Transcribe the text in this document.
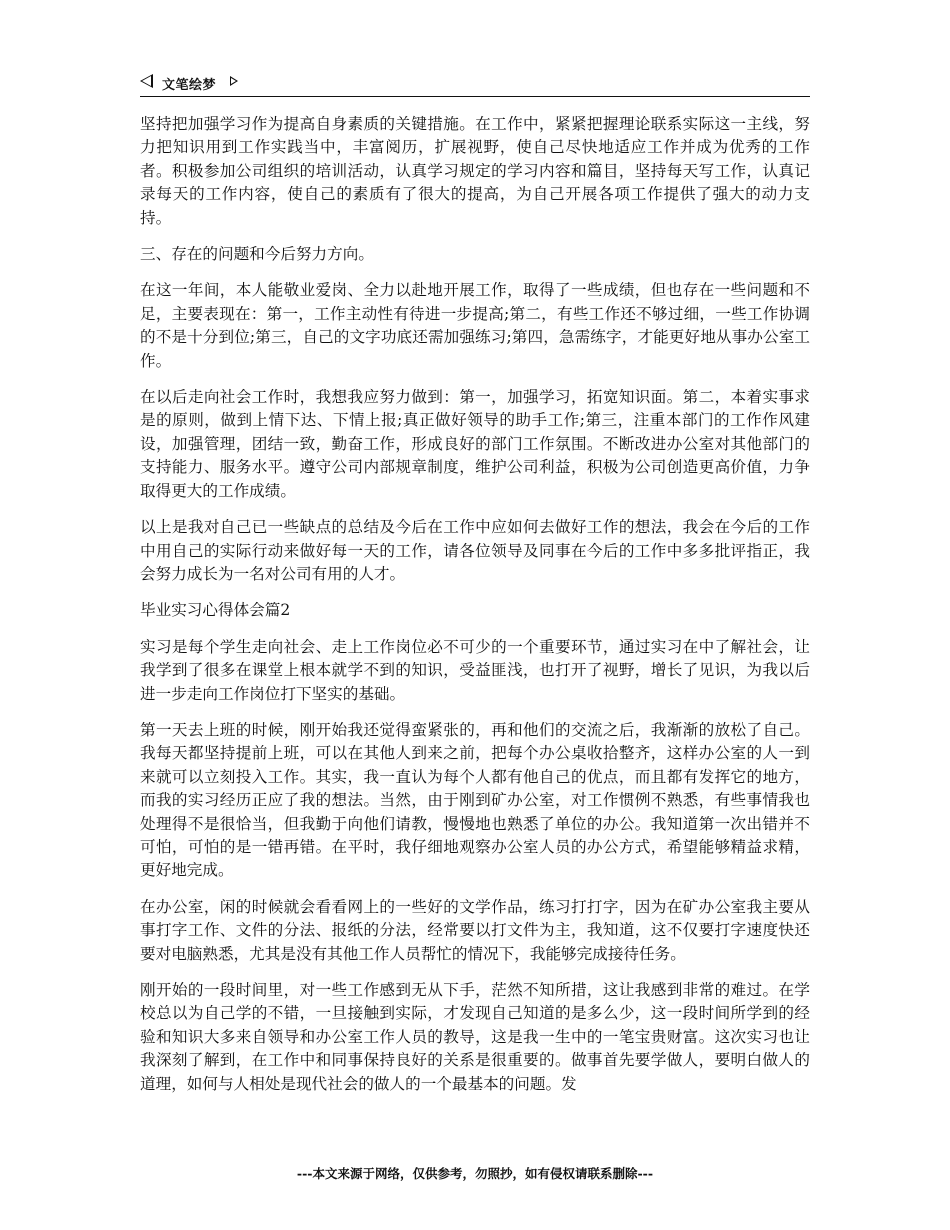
文笔绘梦

坚持把加强学习作为提高自身素质的关键措施。在工作中，紧紧把握理论联系实际这一主线，努力把知识用到工作实践当中，丰富阅历，扩展视野，使自己尽快地适应工作并成为优秀的工作者。积极参加公司组织的培训活动，认真学习规定的学习内容和篇目，坚持每天写工作，认真记录每天的工作内容，使自己的素质有了很大的提高，为自己开展各项工作提供了强大的动力支持。

三、存在的问题和今后努力方向。

在这一年间，本人能敬业爱岗、全力以赴地开展工作，取得了一些成绩，但也存在一些问题和不足，主要表现在：第一，工作主动性有待进一步提高;第二，有些工作还不够过细，一些工作协调的不是十分到位;第三，自己的文字功底还需加强练习;第四，急需练字，才能更好地从事办公室工作。

在以后走向社会工作时，我想我应努力做到：第一，加强学习，拓宽知识面。第二，本着实事求是的原则，做到上情下达、下情上报;真正做好领导的助手工作;第三，注重本部门的工作作风建设，加强管理，团结一致，勤奋工作，形成良好的部门工作氛围。不断改进办公室对其他部门的支持能力、服务水平。遵守公司内部规章制度，维护公司利益，积极为公司创造更高价值，力争取得更大的工作成绩。

以上是我对自己已一些缺点的总结及今后在工作中应如何去做好工作的想法，我会在今后的工作中用自己的实际行动来做好每一天的工作，请各位领导及同事在今后的工作中多多批评指正，我会努力成长为一名对公司有用的人才。

毕业实习心得体会篇2

实习是每个学生走向社会、走上工作岗位必不可少的一个重要环节，通过实习在中了解社会，让我学到了很多在课堂上根本就学不到的知识，受益匪浅，也打开了视野，增长了见识，为我以后进一步走向工作岗位打下坚实的基础。

第一天去上班的时候，刚开始我还觉得蛮紧张的，再和他们的交流之后，我渐渐的放松了自己。我每天都坚持提前上班，可以在其他人到来之前，把每个办公桌收拾整齐，这样办公室的人一到来就可以立刻投入工作。其实，我一直认为每个人都有他自己的优点，而且都有发挥它的地方，而我的实习经历正应了我的想法。当然，由于刚到矿办公室，对工作惯例不熟悉，有些事情我也处理得不是很恰当，但我勤于向他们请教，慢慢地也熟悉了单位的办公。我知道第一次出错并不可怕，可怕的是一错再错。在平时，我仔细地观察办公室人员的办公方式，希望能够精益求精，更好地完成。

在办公室，闲的时候就会看看网上的一些好的文学作品，练习打打字，因为在矿办公室我主要从事打字工作、文件的分法、报纸的分法，经常要以打文件为主，我知道，这不仅要打字速度快还要对电脑熟悉，尤其是没有其他工作人员帮忙的情况下，我能够完成接待任务。

刚开始的一段时间里，对一些工作感到无从下手，茫然不知所措，这让我感到非常的难过。在学校总以为自己学的不错，一旦接触到实际，才发现自己知道的是多么少，这一段时间所学到的经验和知识大多来自领导和办公室工作人员的教导，这是我一生中的一笔宝贵财富。这次实习也让我深刻了解到，在工作中和同事保持良好的关系是很重要的。做事首先要学做人，要明白做人的道理，如何与人相处是现代社会的做人的一个最基本的问题。发

---本文来源于网络，仅供参考，勿照抄，如有侵权请联系删除---
